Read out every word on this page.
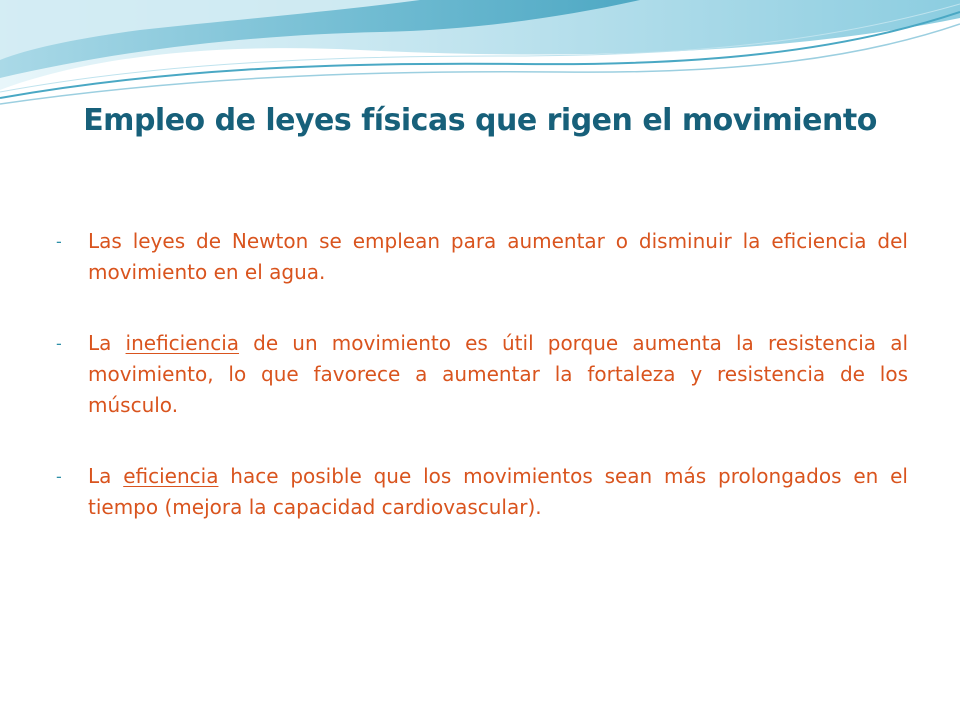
Empleo de leyes físicas que rigen el movimiento
-	Las leyes de Newton se emplean para aumentar o disminuir la eficiencia del movimiento en el agua.
-	La ineficiencia de un movimiento es útil porque aumenta la resistencia al movimiento, lo que favorece a aumentar la fortaleza y resistencia de los músculo.
-	La eficiencia hace posible que los movimientos sean más prolongados en el tiempo (mejora la capacidad cardiovascular).
